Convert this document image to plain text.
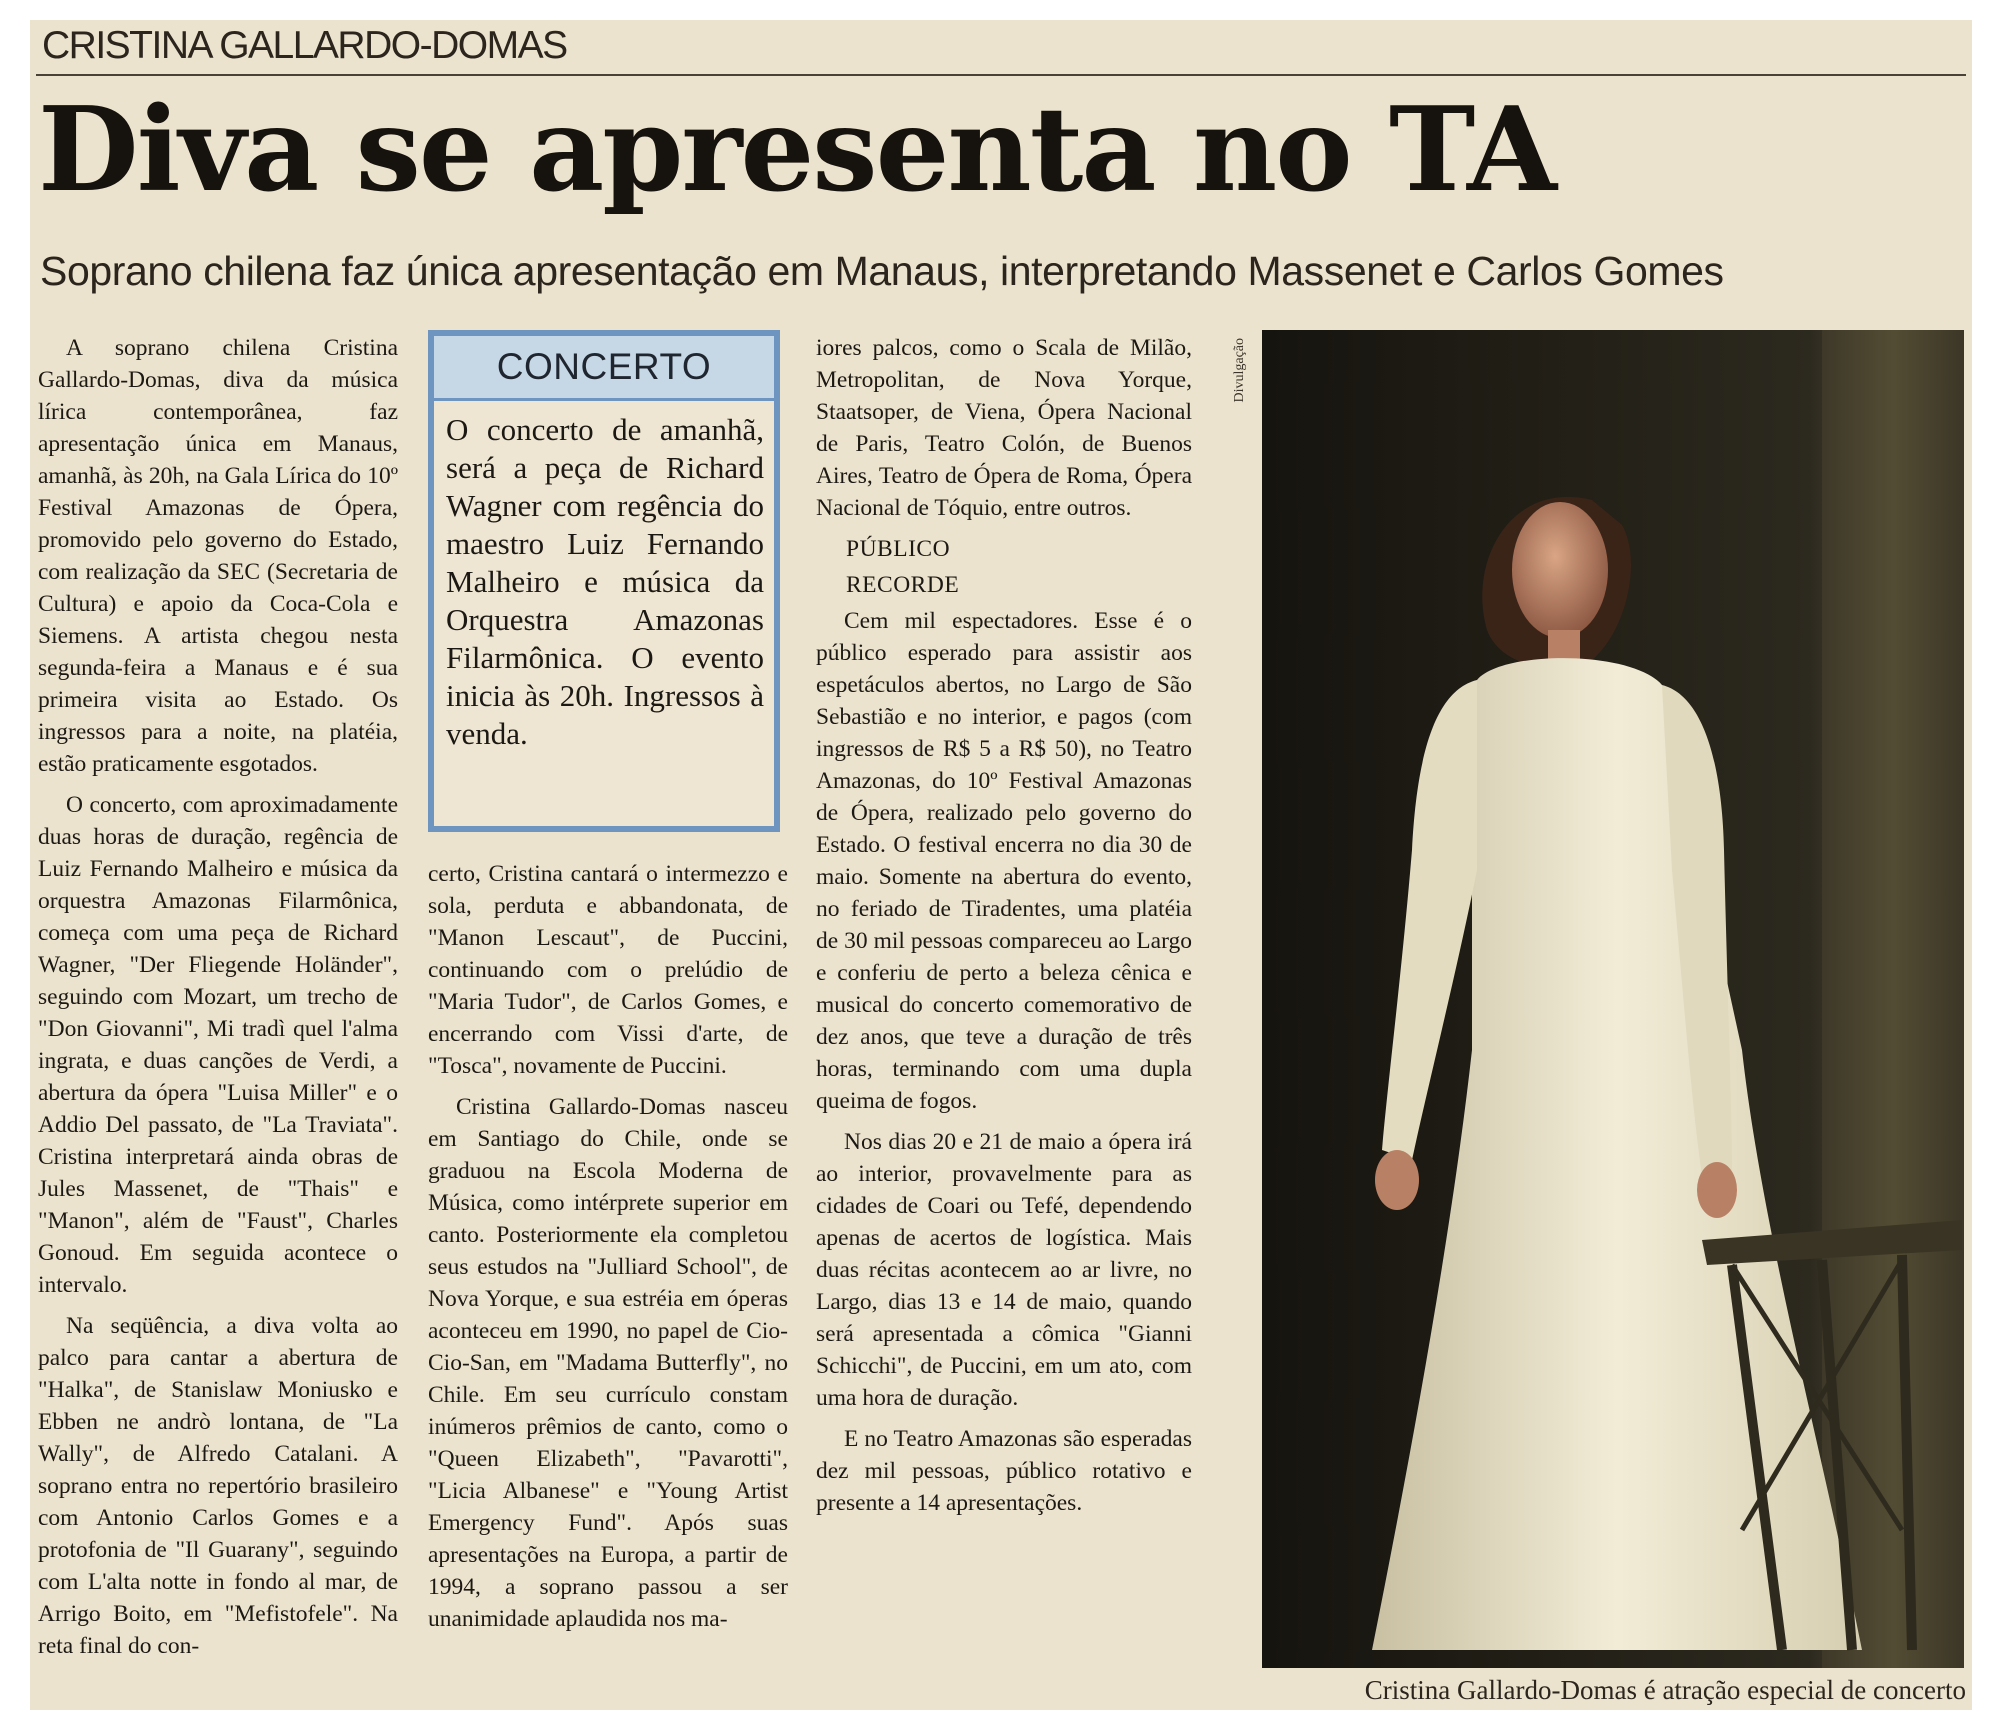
CRISTINA GALLARDO-DOMAS
Diva se apresenta no TA
Soprano chilena faz única apresentação em Manaus, interpretando Massenet e Carlos Gomes

A soprano chilena Cristina Gallardo-Domas, diva da música lírica contemporânea, faz apresentação única em Manaus, amanhã, às 20h, na Gala Lírica do 10º Festival Amazonas de Ópera, promovido pelo governo do Estado, com realização da SEC (Secretaria de Cultura) e apoio da Coca-Cola e Siemens. A artista chegou nesta segunda-feira a Manaus e é sua primeira visita ao Estado. Os ingressos para a noite, na platéia, estão praticamente esgotados.

O concerto, com aproximadamente duas horas de duração, regência de Luiz Fernando Malheiro e música da orquestra Amazonas Filarmônica, começa com uma peça de Richard Wagner, "Der Fliegende Holänder", seguindo com Mozart, um trecho de "Don Giovanni", Mi tradì quel l'alma ingrata, e duas canções de Verdi, a abertura da ópera "Luisa Miller" e o Addio Del passato, de "La Traviata". Cristina interpretará ainda obras de Jules Massenet, de "Thais" e "Manon", além de "Faust", Charles Gonoud. Em seguida acontece o intervalo.

Na seqüência, a diva volta ao palco para cantar a abertura de "Halka", de Stanislaw Moniusko e Ebben ne andrò lontana, de "La Wally", de Alfredo Catalani. A soprano entra no repertório brasileiro com Antonio Carlos Gomes e a protofonia de "Il Guarany", seguindo com L'alta notte in fondo al mar, de Arrigo Boito, em "Mefistofele". Na reta final do con-

CONCERTO
O concerto de amanhã, será a peça de Richard Wagner com regência do maestro Luiz Fernando Malheiro e música da Orquestra Amazonas Filarmônica. O evento inicia às 20h. Ingressos à venda.

certo, Cristina cantará o intermezzo e sola, perduta e abbandonata, de "Manon Lescaut", de Puccini, continuando com o prelúdio de "Maria Tudor", de Carlos Gomes, e encerrando com Vissi d'arte, de "Tosca", novamente de Puccini.

Cristina Gallardo-Domas nasceu em Santiago do Chile, onde se graduou na Escola Moderna de Música, como intérprete superior em canto. Posteriormente ela completou seus estudos na "Julliard School", de Nova Yorque, e sua estréia em óperas aconteceu em 1990, no papel de Cio-Cio-San, em "Madama Butterfly", no Chile. Em seu currículo constam inúmeros prêmios de canto, como o "Queen Elizabeth", "Pavarotti", "Licia Albanese" e "Young Artist Emergency Fund". Após suas apresentações na Europa, a partir de 1994, a soprano passou a ser unanimidade aplaudida nos ma-

iores palcos, como o Scala de Milão, Metropolitan, de Nova Yorque, Staatsoper, de Viena, Ópera Nacional de Paris, Teatro Colón, de Buenos Aires, Teatro de Ópera de Roma, Ópera Nacional de Tóquio, entre outros.

PÚBLICO
RECORDE

Cem mil espectadores. Esse é o público esperado para assistir aos espetáculos abertos, no Largo de São Sebastião e no interior, e pagos (com ingressos de R$ 5 a R$ 50), no Teatro Amazonas, do 10º Festival Amazonas de Ópera, realizado pelo governo do Estado. O festival encerra no dia 30 de maio. Somente na abertura do evento, no feriado de Tiradentes, uma platéia de 30 mil pessoas compareceu ao Largo e conferiu de perto a beleza cênica e musical do concerto comemorativo de dez anos, que teve a duração de três horas, terminando com uma dupla queima de fogos.

Nos dias 20 e 21 de maio a ópera irá ao interior, provavelmente para as cidades de Coari ou Tefé, dependendo apenas de acertos de logística. Mais duas récitas acontecem ao ar livre, no Largo, dias 13 e 14 de maio, quando será apresentada a cômica "Gianni Schicchi", de Puccini, em um ato, com uma hora de duração.

E no Teatro Amazonas são esperadas dez mil pessoas, público rotativo e presente a 14 apresentações.

Divulgação
Cristina Gallardo-Domas é atração especial de concerto
